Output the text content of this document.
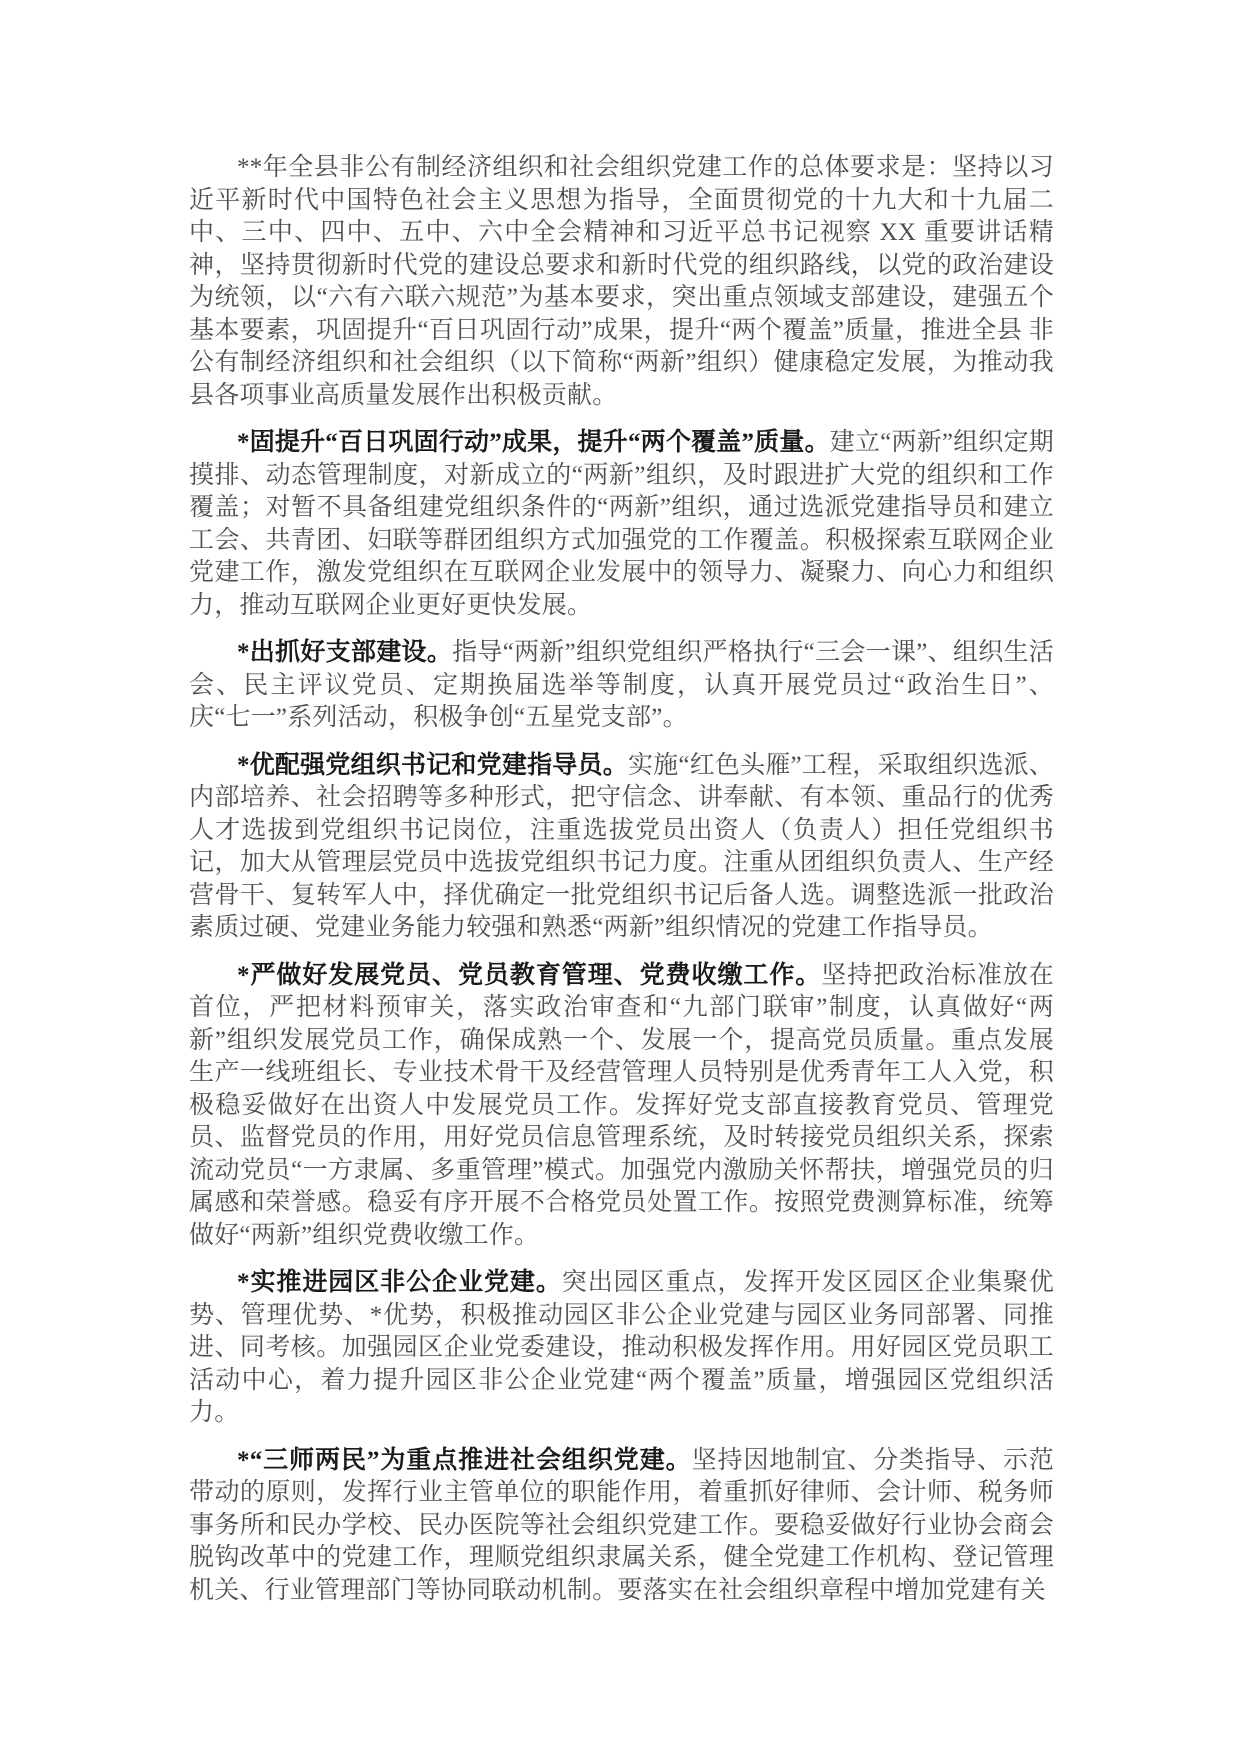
**年全县非公有制经济组织和社会组织党建工作的总体要求是：坚持以习近平新时代中国特色社会主义思想为指导，全面贯彻党的十九大和十九届二中、三中、四中、五中、六中全会精神和习近平总书记视察 XX 重要讲话精神，坚持贯彻新时代党的建设总要求和新时代党的组织路线，以党的政治建设为统领，以“六有六联六规范”为基本要求，突出重点领域支部建设，建强五个基本要素，巩固提升“百日巩固行动”成果，提升“两个覆盖”质量，推进全县 非公有制经济组织和社会组织（以下简称“两新”组织）健康稳定发展，为推动我县各项事业高质量发展作出积极贡献。

*固提升“百日巩固行动”成果，提升“两个覆盖”质量。建立“两新”组织定期摸排、动态管理制度，对新成立的“两新”组织，及时跟进扩大党的组织和工作覆盖；对暂不具备组建党组织条件的“两新”组织，通过选派党建指导员和建立工会、共青团、妇联等群团组织方式加强党的工作覆盖。积极探索互联网企业党建工作，激发党组织在互联网企业发展中的领导力、凝聚力、向心力和组织力，推动互联网企业更好更快发展。

*出抓好支部建设。指导“两新”组织党组织严格执行“三会一课”、组织生活会、民主评议党员、定期换届选举等制度，认真开展党员过“政治生日”、庆“七一”系列活动，积极争创“五星党支部”。

*优配强党组织书记和党建指导员。实施“红色头雁”工程，采取组织选派、内部培养、社会招聘等多种形式，把守信念、讲奉献、有本领、重品行的优秀人才选拔到党组织书记岗位，注重选拔党员出资人（负责人）担任党组织书记，加大从管理层党员中选拔党组织书记力度。注重从团组织负责人、生产经营骨干、复转军人中，择优确定一批党组织书记后备人选。调整选派一批政治素质过硬、党建业务能力较强和熟悉“两新”组织情况的党建工作指导员。

*严做好发展党员、党员教育管理、党费收缴工作。坚持把政治标准放在首位，严把材料预审关，落实政治审查和“九部门联审”制度，认真做好“两新”组织发展党员工作，确保成熟一个、发展一个，提高党员质量。重点发展生产一线班组长、专业技术骨干及经营管理人员特别是优秀青年工人入党，积极稳妥做好在出资人中发展党员工作。发挥好党支部直接教育党员、管理党员、监督党员的作用，用好党员信息管理系统，及时转接党员组织关系，探索流动党员“一方隶属、多重管理”模式。加强党内激励关怀帮扶，增强党员的归属感和荣誉感。稳妥有序开展不合格党员处置工作。按照党费测算标准，统筹做好“两新”组织党费收缴工作。

*实推进园区非公企业党建。突出园区重点，发挥开发区园区企业集聚优势、管理优势、*优势，积极推动园区非公企业党建与园区业务同部署、同推进、同考核。加强园区企业党委建设，推动积极发挥作用。用好园区党员职工活动中心，着力提升园区非公企业党建“两个覆盖”质量，增强园区党组织活力。

*“三师两民”为重点推进社会组织党建。坚持因地制宜、分类指导、示范带动的原则，发挥行业主管单位的职能作用，着重抓好律师、会计师、税务师事务所和民办学校、民办医院等社会组织党建工作。要稳妥做好行业协会商会脱钩改革中的党建工作，理顺党组织隶属关系，健全党建工作机构、登记管理机关、行业管理部门等协同联动机制。要落实在社会组织章程中增加党建有关
